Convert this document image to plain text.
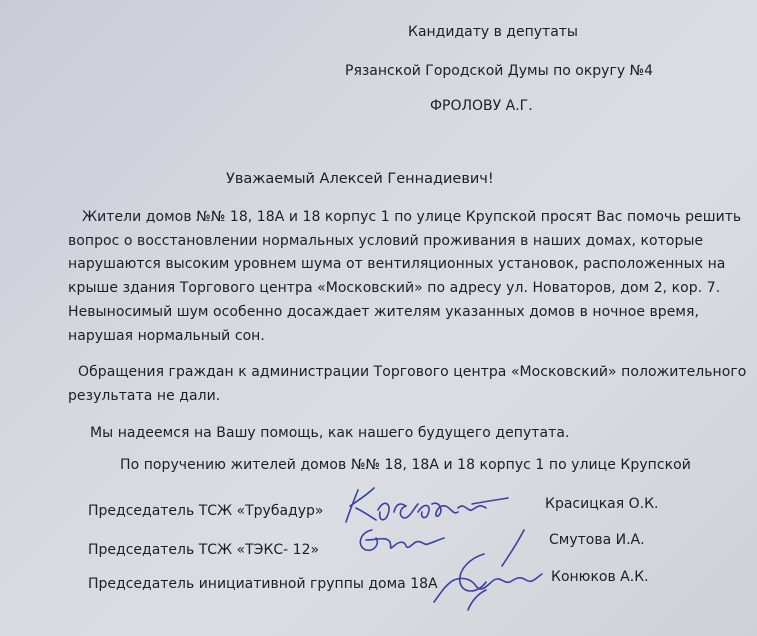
Кандидату в депутаты
Рязанской Городской Думы по округу №4
ФРОЛОВУ А.Г.
Уважаемый Алексей Геннадиевич!
Жители домов №№ 18, 18А и 18 корпус 1 по улице Крупской просят Вас помочь решить
вопрос о восстановлении нормальных условий проживания в наших домах, которые
нарушаются высоким уровнем шума от вентиляционных установок, расположенных на
крыше здания Торгового центра «Московский» по адресу ул. Новаторов, дом 2, кор. 7.
Невыносимый шум особенно досаждает жителям указанных домов в ночное время,
нарушая нормальный сон.
Обращения граждан к администрации Торгового центра «Московский» положительного
результата не дали.
Мы надеемся на Вашу помощь, как нашего будущего депутата.
По поручению жителей домов №№ 18, 18А и 18 корпус 1 по улице Крупской
Председатель ТСЖ «Трубадур»	Красицкая О.К.
Председатель ТСЖ «ТЭКС- 12»
Смутова И.А.
Председатель инициативной группы дома 18А	Конюков А.К.
